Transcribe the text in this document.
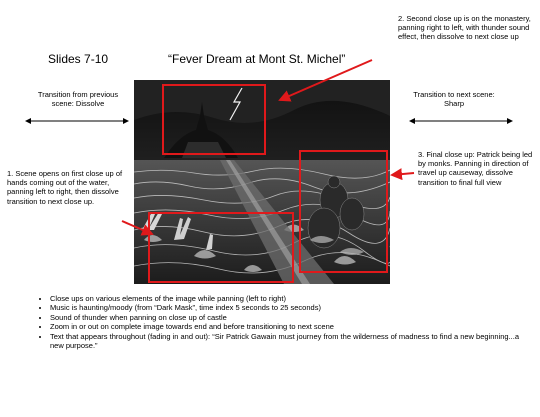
Slides 7-10	“Fever Dream at Mont St. Michel”
Transition from previous scene: Dissolve
Transition to next scene: Sharp
1. Scene opens on first close up of hands coming out of the water, panning left to right, then dissolve transition to next close up.
2. Second close up is on the monastery, panning right to left, with thunder sound effect, then dissolve to next close up
3. Final close up: Patrick being led by monks. Panning in direction of travel up causeway, dissolve transition to final full view
• Close ups on various elements of the image while panning (left to right)
• Music is haunting/moody (from “Dark Mask”, time index 5 seconds to 25 seconds)
• Sound of thunder when panning on close up of castle
• Zoom in or out on complete image towards end and before transitioning to next scene
• Text that appears throughout (fading in and out): “Sir Patrick Gawain must journey from the wilderness of madness to find a new beginning...a new purpose.”
